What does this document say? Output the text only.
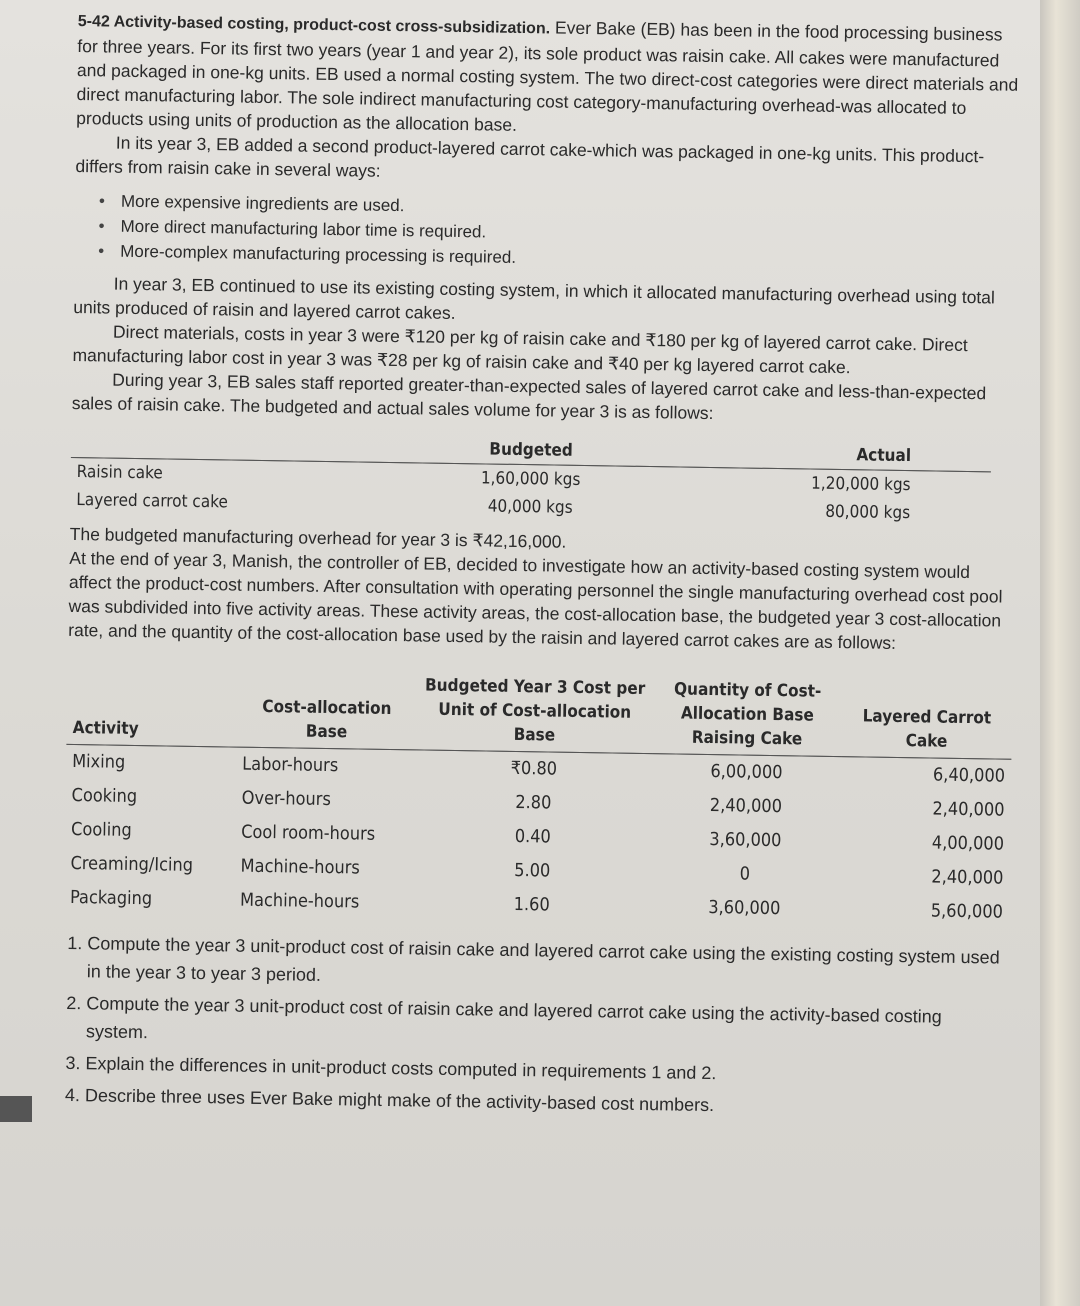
5-42 Activity-based costing, product-cost cross-subsidization. Ever Bake (EB) has been in the food processing business for three years. For its first two years (year 1 and year 2), its sole product was raisin cake. All cakes were manufactured and packaged in one-kg units. EB used a normal costing system. The two direct-cost categories were direct materials and direct manufacturing labor. The sole indirect manufacturing cost category-manufacturing overhead-was allocated to products using units of production as the allocation base.

In its year 3, EB added a second product-layered carrot cake-which was packaged in one-kg units. This product-differs from raisin cake in several ways:

• More expensive ingredients are used.
• More direct manufacturing labor time is required.
• More-complex manufacturing processing is required.

In year 3, EB continued to use its existing costing system, in which it allocated manufacturing overhead using total units produced of raisin and layered carrot cakes.

Direct materials, costs in year 3 were ₹120 per kg of raisin cake and ₹180 per kg of layered carrot cake. Direct manufacturing labor cost in year 3 was ₹28 per kg of raisin cake and ₹40 per kg layered carrot cake.

During year 3, EB sales staff reported greater-than-expected sales of layered carrot cake and less-than-expected sales of raisin cake. The budgeted and actual sales volume for year 3 is as follows:

	Budgeted	Actual
Raisin cake	1,60,000 kgs	1,20,000 kgs
Layered carrot cake	40,000 kgs	80,000 kgs

The budgeted manufacturing overhead for year 3 is ₹42,16,000.

At the end of year 3, Manish, the controller of EB, decided to investigate how an activity-based costing system would affect the product-cost numbers. After consultation with operating personnel the single manufacturing overhead cost pool was subdivided into five activity areas. These activity areas, the cost-allocation base, the budgeted year 3 cost-allocation rate, and the quantity of the cost-allocation base used by the raisin and layered carrot cakes are as follows:

Activity	Cost-allocation Base	Budgeted Year 3 Cost per Unit of Cost-allocation Base	Quantity of Cost-Allocation Base Raising Cake	Layered Carrot Cake
Mixing	Labor-hours	₹0.80	6,00,000	6,40,000
Cooking	Over-hours	2.80	2,40,000	2,40,000
Cooling	Cool room-hours	0.40	3,60,000	4,00,000
Creaming/Icing	Machine-hours	5.00	0	2,40,000
Packaging	Machine-hours	1.60	3,60,000	5,60,000
1. Compute the year 3 unit-product cost of raisin cake and layered carrot cake using the existing costing system used in the year 3 to year 3 period.
2. Compute the year 3 unit-product cost of raisin cake and layered carrot cake using the activity-based costing system.
3. Explain the differences in unit-product costs computed in requirements 1 and 2.
4. Describe three uses Ever Bake might make of the activity-based cost numbers.
